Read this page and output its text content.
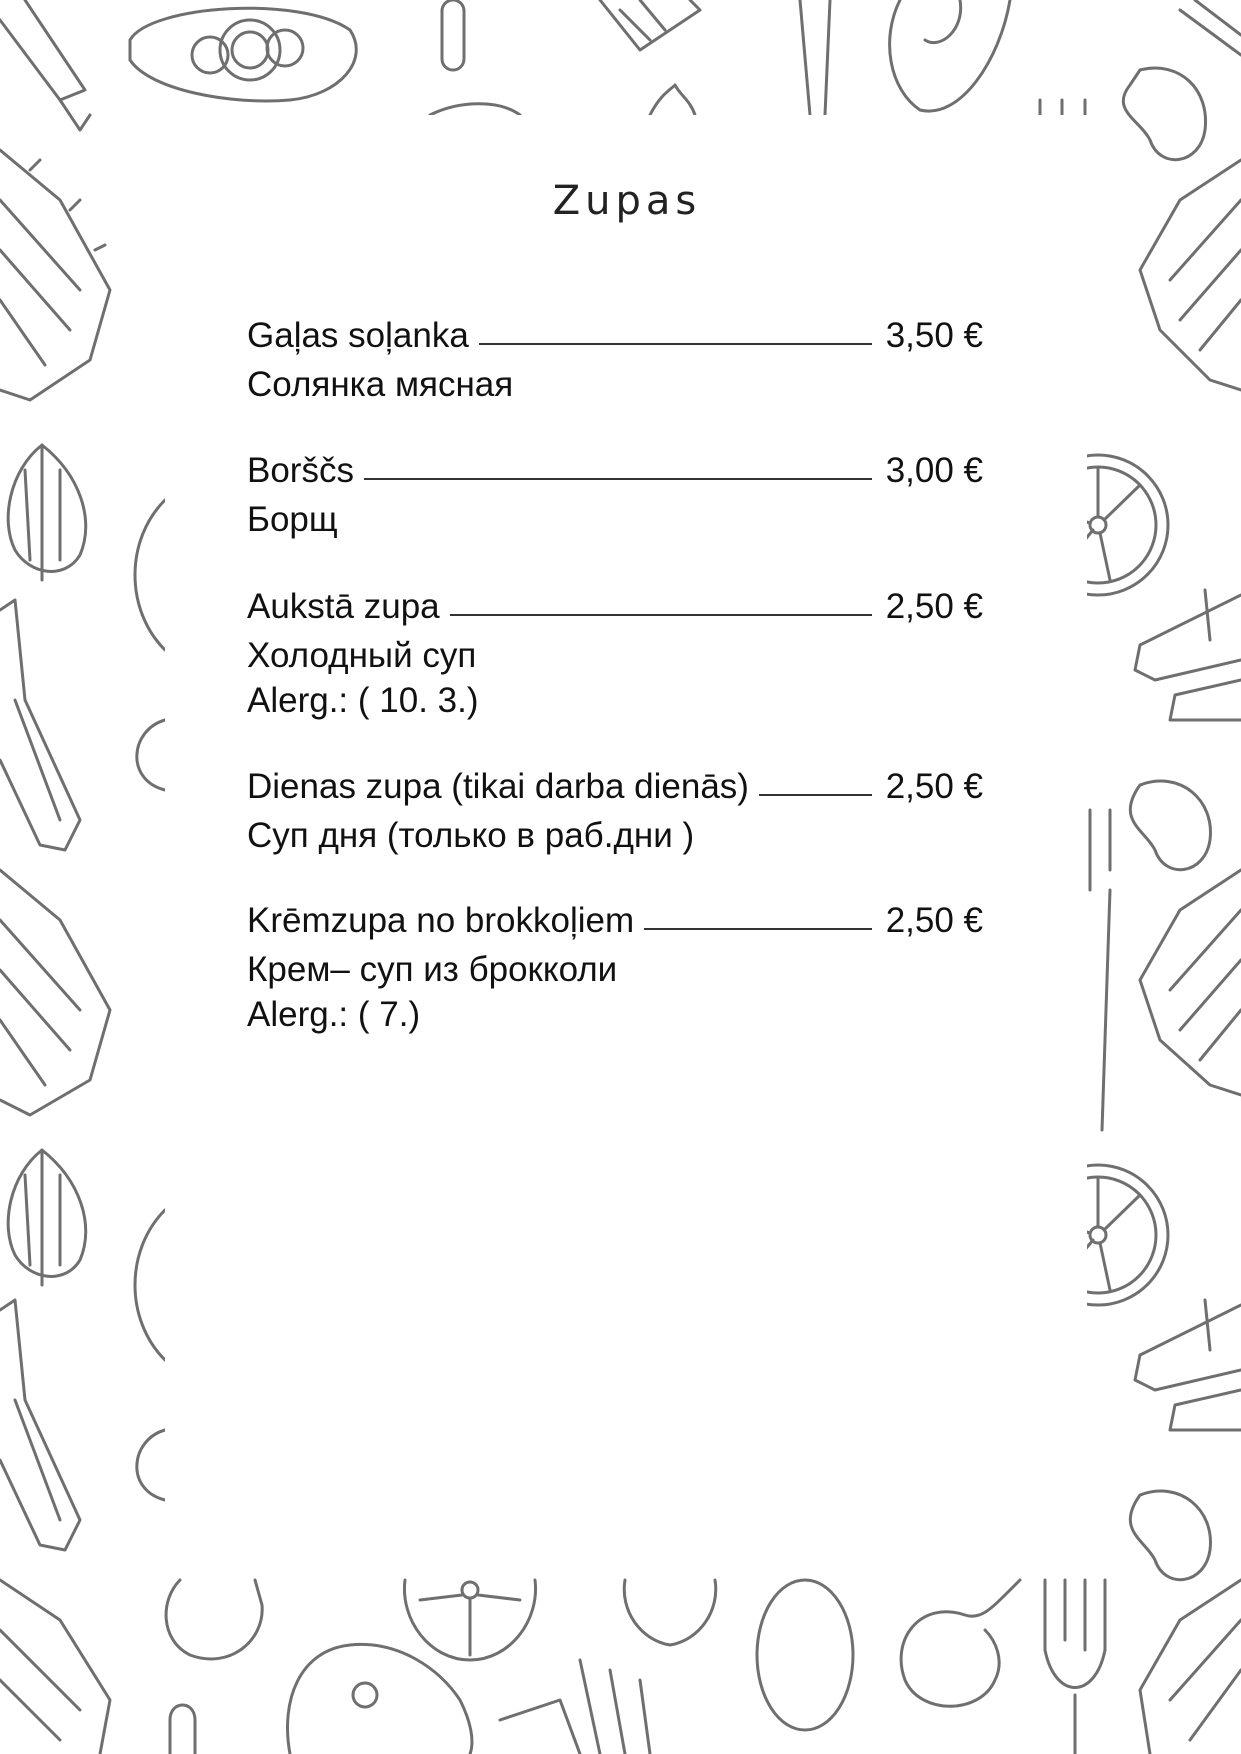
Zupas
Gaļas soļanka	3,50 €
Солянка мясная
Borščs	3,00 €
Борщ
Aukstā zupa	2,50 €
Холодный суп
Alerg.: ( 10. 3.)
Dienas zupa (tikai darba dienās)	2,50 €
Суп дня (только в раб.дни )
Krēmzupa no brokkoļiem	2,50 €
Крем– суп из брокколи
Alerg.: ( 7.)
